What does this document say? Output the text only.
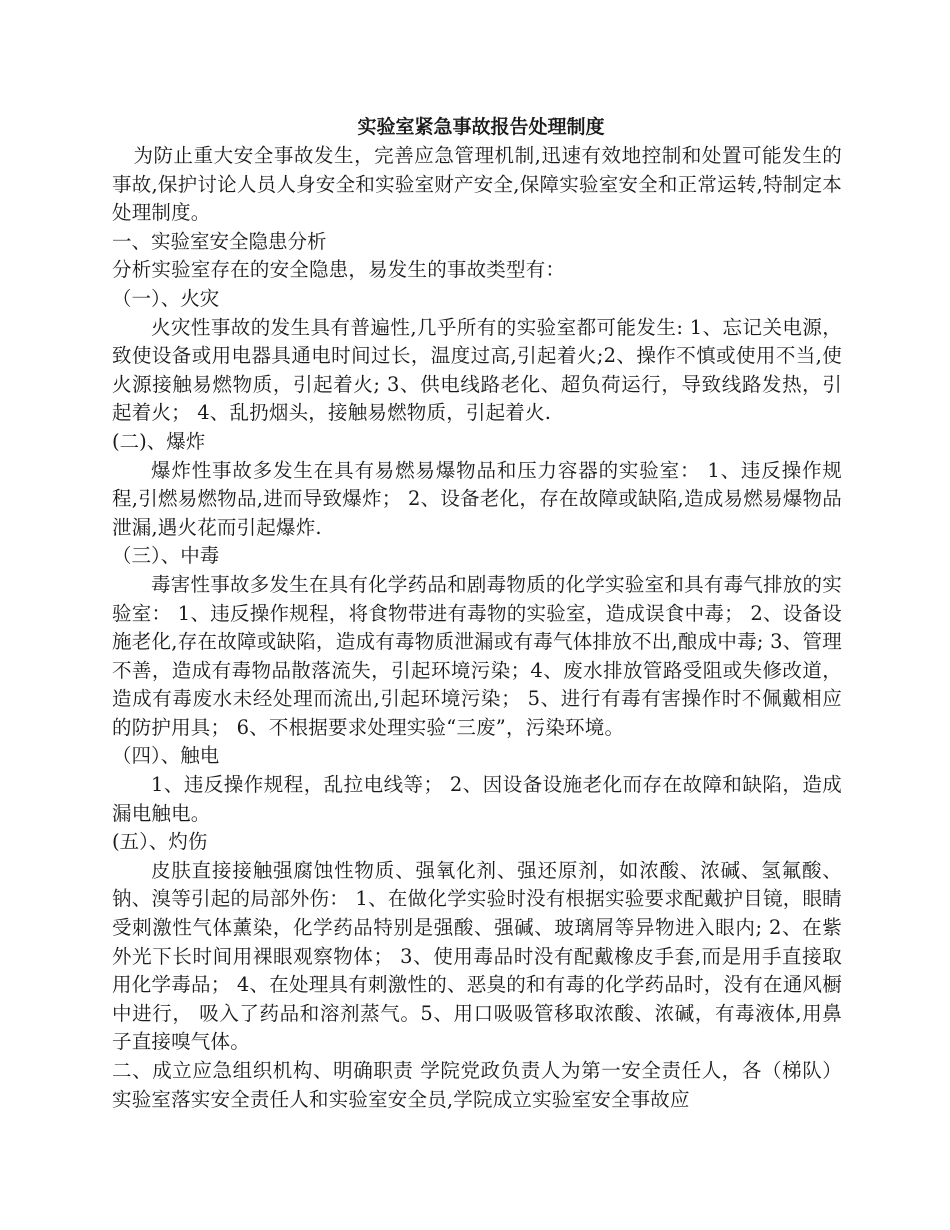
实验室紧急事故报告处理制度

为防止重大安全事故发生，完善应急管理机制,迅速有效地控制和处置可能发生的事故,保护讨论人员人身安全和实验室财产安全,保障实验室安全和正常运转,特制定本处理制度。

一、实验室安全隐患分析

分析实验室存在的安全隐患，易发生的事故类型有：

（一）、火灾

火灾性事故的发生具有普遍性,几乎所有的实验室都可能发生: 1、忘记关电源，致使设备或用电器具通电时间过长，温度过高,引起着火;2、操作不慎或使用不当,使火源接触易燃物质，引起着火; 3、供电线路老化、超负荷运行，导致线路发热，引起着火； 4、乱扔烟头，接触易燃物质，引起着火.

(二)、爆炸

爆炸性事故多发生在具有易燃易爆物品和压力容器的实验室： 1、违反操作规程,引燃易燃物品,进而导致爆炸； 2、设备老化，存在故障或缺陷,造成易燃易爆物品泄漏,遇火花而引起爆炸.

（三）、中毒

毒害性事故多发生在具有化学药品和剧毒物质的化学实验室和具有毒气排放的实验室： 1、违反操作规程，将食物带进有毒物的实验室，造成误食中毒； 2、设备设施老化,存在故障或缺陷，造成有毒物质泄漏或有毒气体排放不出,酿成中毒; 3、管理不善，造成有毒物品散落流失，引起环境污染；4、废水排放管路受阻或失修改道，造成有毒废水未经处理而流出,引起环境污染； 5、进行有毒有害操作时不佩戴相应的防护用具； 6、不根据要求处理实验“三废”，污染环境。

（四）、触电

1、违反操作规程，乱拉电线等； 2、因设备设施老化而存在故障和缺陷，造成漏电触电。

(五）、灼伤

皮肤直接接触强腐蚀性物质、强氧化剂、强还原剂，如浓酸、浓碱、氢氟酸、钠、溴等引起的局部外伤： 1、在做化学实验时没有根据实验要求配戴护目镜，眼睛受刺激性气体薰染，化学药品特别是强酸、强碱、玻璃屑等异物进入眼内; 2、在紫外光下长时间用裸眼观察物体； 3、使用毒品时没有配戴橡皮手套,而是用手直接取用化学毒品； 4、在处理具有刺激性的、恶臭的和有毒的化学药品时，没有在通风橱中进行， 吸入了药品和溶剂蒸气。5、用口吸吸管移取浓酸、浓碱，有毒液体,用鼻子直接嗅气体。

二、成立应急组织机构、明确职责 学院党政负责人为第一安全责任人，各（梯队）实验室落实安全责任人和实验室安全员,学院成立实验室安全事故应
